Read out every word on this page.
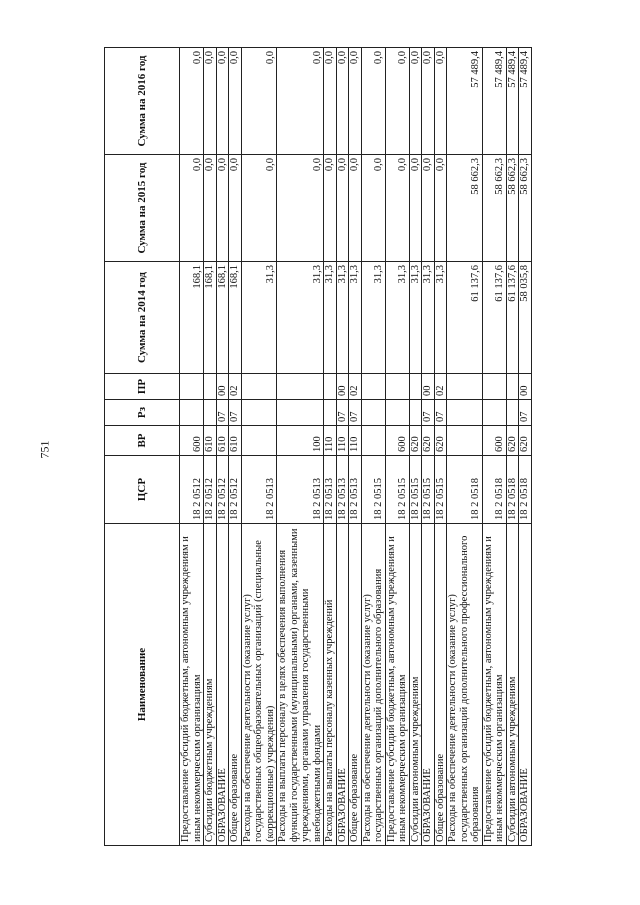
751
Наименование	ЦСР	ВР	Рз	ПР	Сумма на 2014 год	Сумма на 2015 год	Сумма на 2016 год
Предоставление субсидий бюджетным, автономным учреждениям и иным некоммерческим организациям	18 2 0512	600			168,1	0,0	0,0
Субсидии бюджетным учреждениям	18 2 0512	610			168,1	0,0	0,0
ОБРАЗОВАНИЕ	18 2 0512	610	07	00	168,1	0,0	0,0
Общее образование	18 2 0512	610	07	02	168,1	0,0	0,0
Расходы на обеспечение деятельности (оказание услуг) государственных общеобразовательных организаций (специальные (коррекционные) учреждения)	18 2 0513				31,3	0,0	0,0
Расходы на выплаты персоналу в целях обеспечения выполнения функций государственными (муниципальными) органами, казенными учреждениями, органами управления государственными внебюджетными фондами	18 2 0513	100			31,3	0,0	0,0
Расходы на выплаты персоналу казенных учреждений	18 2 0513	110			31,3	0,0	0,0
ОБРАЗОВАНИЕ	18 2 0513	110	07	00	31,3	0,0	0,0
Общее образование	18 2 0513	110	07	02	31,3	0,0	0,0
Расходы на обеспечение деятельности (оказание услуг) государственных организаций дополнительного образования	18 2 0515				31,3	0,0	0,0
Предоставление субсидий бюджетным, автономным учреждениям и иным некоммерческим организациям	18 2 0515	600			31,3	0,0	0,0
Субсидии автономным учреждениям	18 2 0515	620			31,3	0,0	0,0
ОБРАЗОВАНИЕ	18 2 0515	620	07	00	31,3	0,0	0,0
Общее образование	18 2 0515	620	07	02	31,3	0,0	0,0
Расходы на обеспечение деятельности (оказание услуг) государственных организаций дополнительного профессионального образования	18 2 0518				61 137,6	58 662,3	57 489,4
Предоставление субсидий бюджетным, автономным учреждениям и иным некоммерческим организациям	18 2 0518	600			61 137,6	58 662,3	57 489,4
Субсидии автономным учреждениям	18 2 0518	620			61 137,6	58 662,3	57 489,4
ОБРАЗОВАНИЕ	18 2 0518	620	07	00	58 035,8	58 662,3	57 489,4
